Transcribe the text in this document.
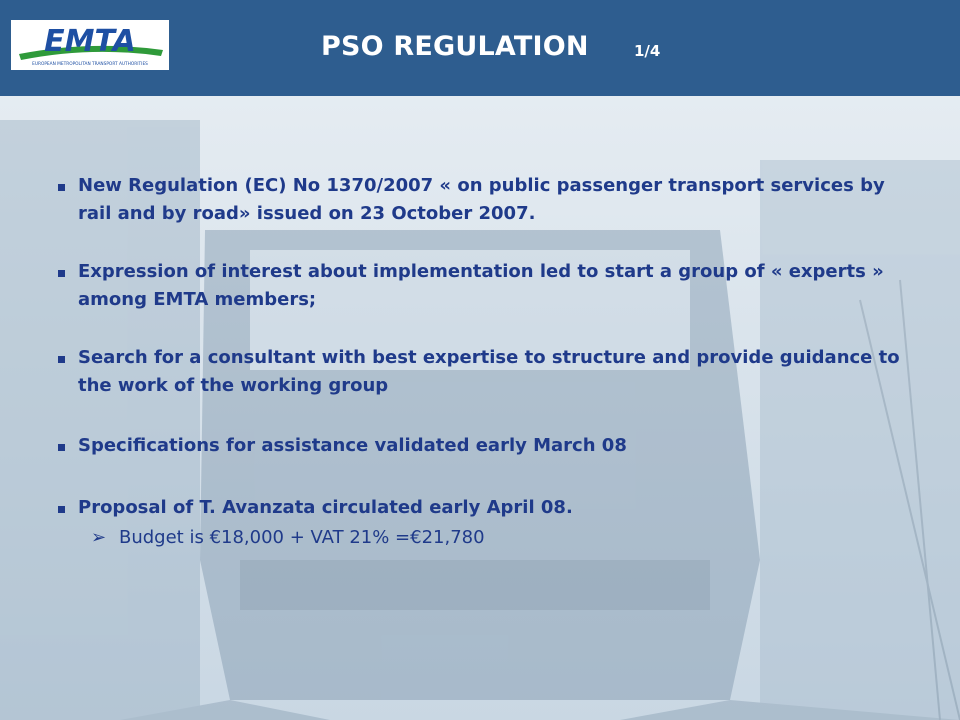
EMTA
EUROPEAN METROPOLITAN TRANSPORT AUTHORITIES
PSO REGULATION	1/4
New Regulation (EC) No 1370/2007 « on public passenger transport services by rail and by road» issued on 23 October 2007.
Expression of interest about implementation led to start a group of « experts » among EMTA members;
Search for a consultant with best expertise to structure and provide guidance to the work of the working group
Specifications for assistance validated early March 08
Proposal of T. Avanzata circulated early April 08.
➢ Budget is €18,000 + VAT 21% =€21,780
